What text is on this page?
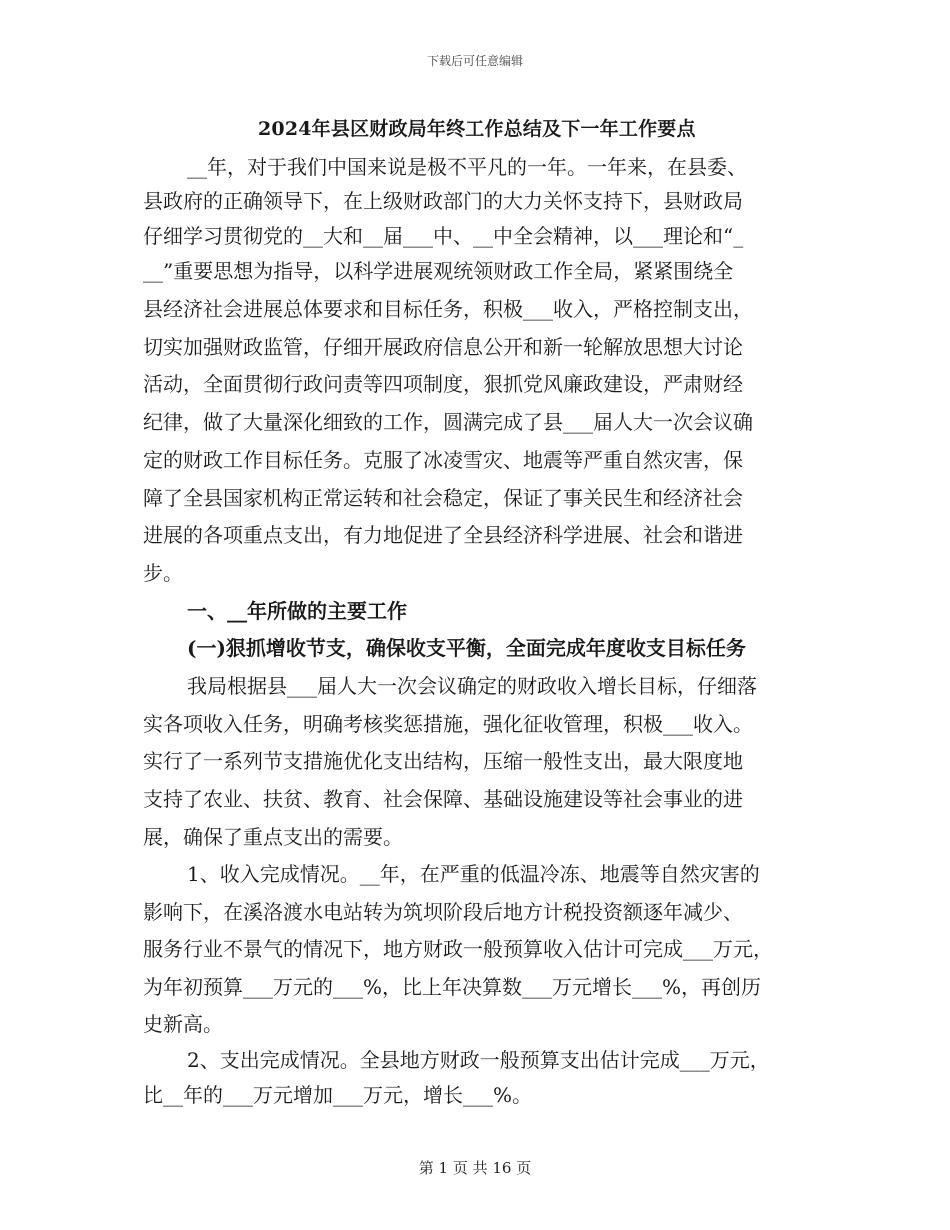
下载后可任意编辑
2024年县区财政局年终工作总结及下一年工作要点
__年，对于我们中国来说是极不平凡的一年。一年来，在县委、
县政府的正确领导下，在上级财政部门的大力关怀支持下，县财政局
仔细学习贯彻党的__大和__届___中、__中全会精神，以___理论和“_
__”重要思想为指导，以科学进展观统领财政工作全局，紧紧围绕全
县经济社会进展总体要求和目标任务，积极___收入，严格控制支出，
切实加强财政监管，仔细开展政府信息公开和新一轮解放思想大讨论
活动，全面贯彻行政问责等四项制度，狠抓党风廉政建设，严肃财经
纪律，做了大量深化细致的工作，圆满完成了县___届人大一次会议确
定的财政工作目标任务。克服了冰凌雪灾、地震等严重自然灾害，保
障了全县国家机构正常运转和社会稳定，保证了事关民生和经济社会
进展的各项重点支出，有力地促进了全县经济科学进展、社会和谐进
步。
一、__年所做的主要工作
(一)狠抓增收节支，确保收支平衡，全面完成年度收支目标任务
我局根据县___届人大一次会议确定的财政收入增长目标，仔细落
实各项收入任务，明确考核奖惩措施，强化征收管理，积极___收入。
实行了一系列节支措施优化支出结构，压缩一般性支出，最大限度地
支持了农业、扶贫、教育、社会保障、基础设施建设等社会事业的进
展，确保了重点支出的需要。
1、收入完成情况。__年，在严重的低温冷冻、地震等自然灾害的
影响下，在溪洛渡水电站转为筑坝阶段后地方计税投资额逐年减少、
服务行业不景气的情况下，地方财政一般预算收入估计可完成___万元，
为年初预算___万元的___%，比上年决算数___万元增长___%，再创历
史新高。
2、支出完成情况。全县地方财政一般预算支出估计完成___万元，
比__年的___万元增加___万元，增长___%。
第 1 页 共 16 页
